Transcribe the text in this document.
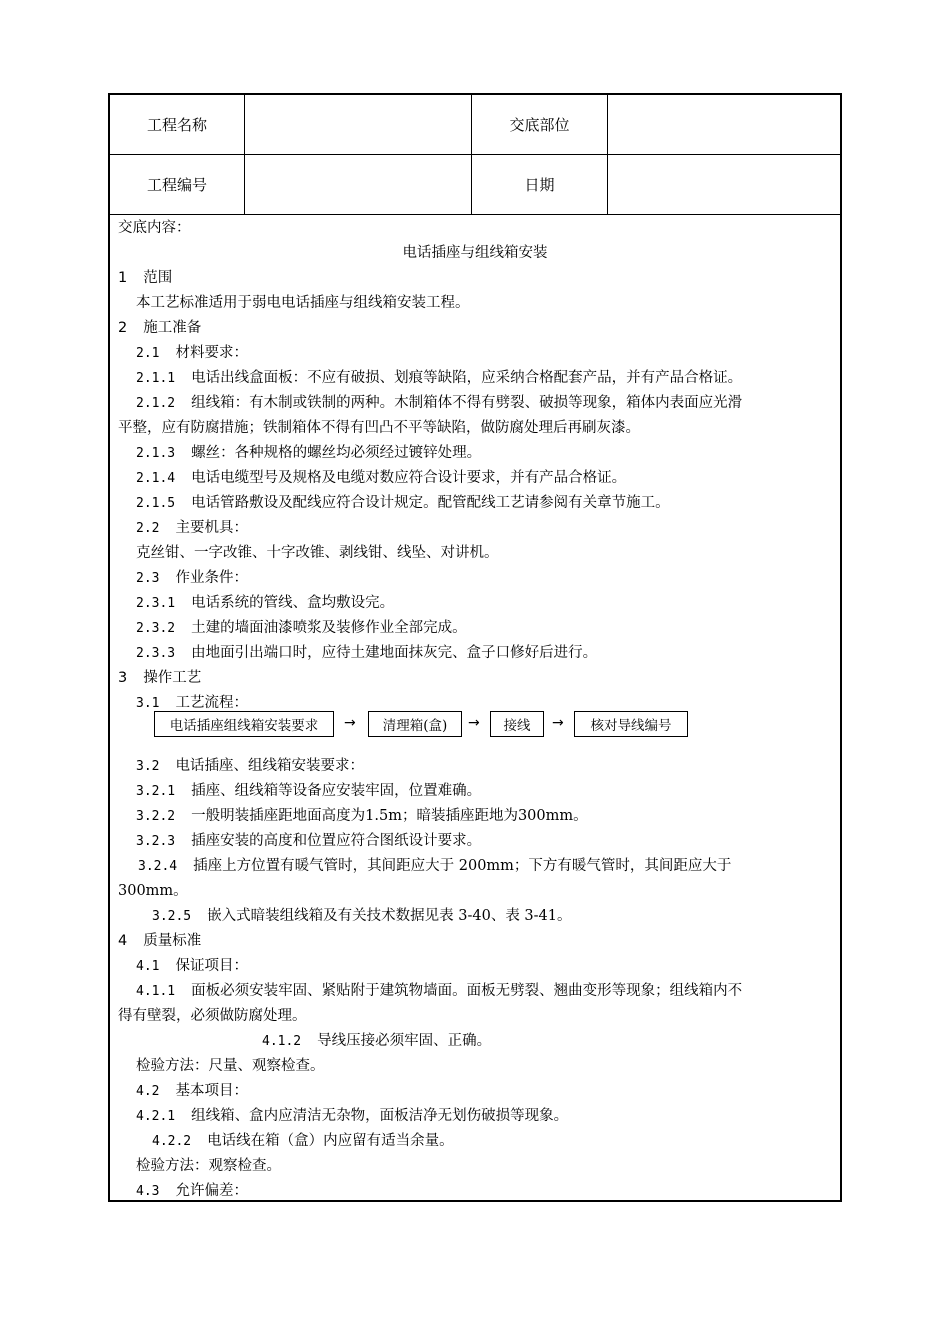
工程名称	交底部位
工程编号	日期
交底内容：
电话插座与组线箱安装
1 范围
本工艺标准适用于弱电电话插座与组线箱安装工程。
2 施工准备
2.1 材料要求：
2.1.1 电话出线盒面板：不应有破损、划痕等缺陷，应采纳合格配套产品，并有产品合格证。
2.1.2 组线箱：有木制或铁制的两种。木制箱体不得有劈裂、破损等现象，箱体内表面应光滑
平整，应有防腐措施；铁制箱体不得有凹凸不平等缺陷，做防腐处理后再刷灰漆。
2.1.3 螺丝：各种规格的螺丝均必须经过镀锌处理。
2.1.4 电话电缆型号及规格及电缆对数应符合设计要求，并有产品合格证。
2.1.5 电话管路敷设及配线应符合设计规定。配管配线工艺请参阅有关章节施工。
2.2 主要机具：
克丝钳、一字改锥、十字改锥、剥线钳、线坠、对讲机。
2.3 作业条件：
2.3.1 电话系统的管线、盒均敷设完。
2.3.2 土建的墙面油漆喷浆及装修作业全部完成。
2.3.3 由地面引出端口时，应待土建地面抹灰完、盒子口修好后进行。
3 操作工艺
3.1 工艺流程：
电话插座组线箱安装要求	→	清理箱(盒)	→	接线	→	核对导线编号
3.2 电话插座、组线箱安装要求：
3.2.1 插座、组线箱等设备应安装牢固，位置难确。
3.2.2 一般明装插座距地面高度为1.5m；暗装插座距地为300mm。
3.2.3 插座安装的高度和位置应符合图纸设计要求。
3.2.4 插座上方位置有暖气管时，其间距应大于 200mm；下方有暖气管时，其间距应大于
300mm。
3.2.5 嵌入式暗装组线箱及有关技术数据见表 3-40、表 3-41。
4 质量标准
4.1 保证项目：
4.1.1 面板必须安装牢固、紧贴附于建筑物墙面。面板无劈裂、翘曲变形等现象；组线箱内不
得有壁裂，必须做防腐处理。
4.1.2 导线压接必须牢固、正确。
检验方法：尺量、观察检查。
4.2 基本项目：
4.2.1 组线箱、盒内应清洁无杂物，面板洁净无划伤破损等现象。
4.2.2 电话线在箱（盒）内应留有适当余量。
检验方法：观察检查。
4.3 允许偏差：
